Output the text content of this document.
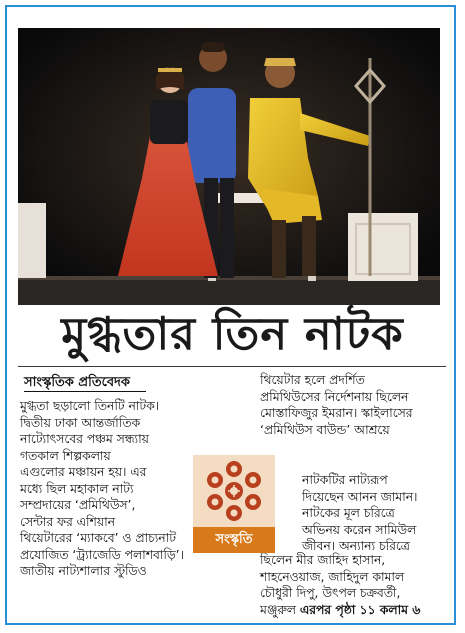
মুগ্ধতার তিন নাটক
সাংস্কৃতিক প্রতিবেদক

মুগ্ধতা ছড়ালো তিনটি নাটক।

দ্বিতীয় ঢাকা আন্তর্জাতিক

নাট্যোৎসবের পঞ্চম সন্ধ্যায়

গতকাল শিল্পকলায়

এগুলোর মঞ্চায়ন হয়। এর

মধ্যে ছিল মহাকাল নাট্য

সম্প্রদায়ের ‘প্রমিথিউস’,

সেন্টার ফর এশিয়ান

থিয়েটারের ‘ম্যাকবে’ ও প্রাচ্যনাট

প্রযোজিত ‘ট্র্যাজেডি পলাশবাড়ি’।

জাতীয় নাট্যশালার স্টুডিও

থিয়েটার হলে প্রদর্শিত

প্রমিথিউসের নির্দেশনায় ছিলেন

মোস্তাফিজুর ইমরান। স্কাইলাসের

‘প্রমিথিউস বাউন্ড’ আশ্রয়ে

নাটকটির নাট্যরূপ

দিয়েছেন আনন জামান।

নাটকের মূল চরিত্রে

অভিনয় করেন সামিউল

জীবন। অন্যান্য চরিত্রে

ছিলেন মীর জাহিদ হাসান,

শাহনেওয়াজ, জাহিদুল কামাল

চৌধুরী দিপু, উৎপল চক্রবর্তী,

মঞ্জুরুল এরপর পৃষ্ঠা ১১ কলাম ৬

সংস্কৃতি
